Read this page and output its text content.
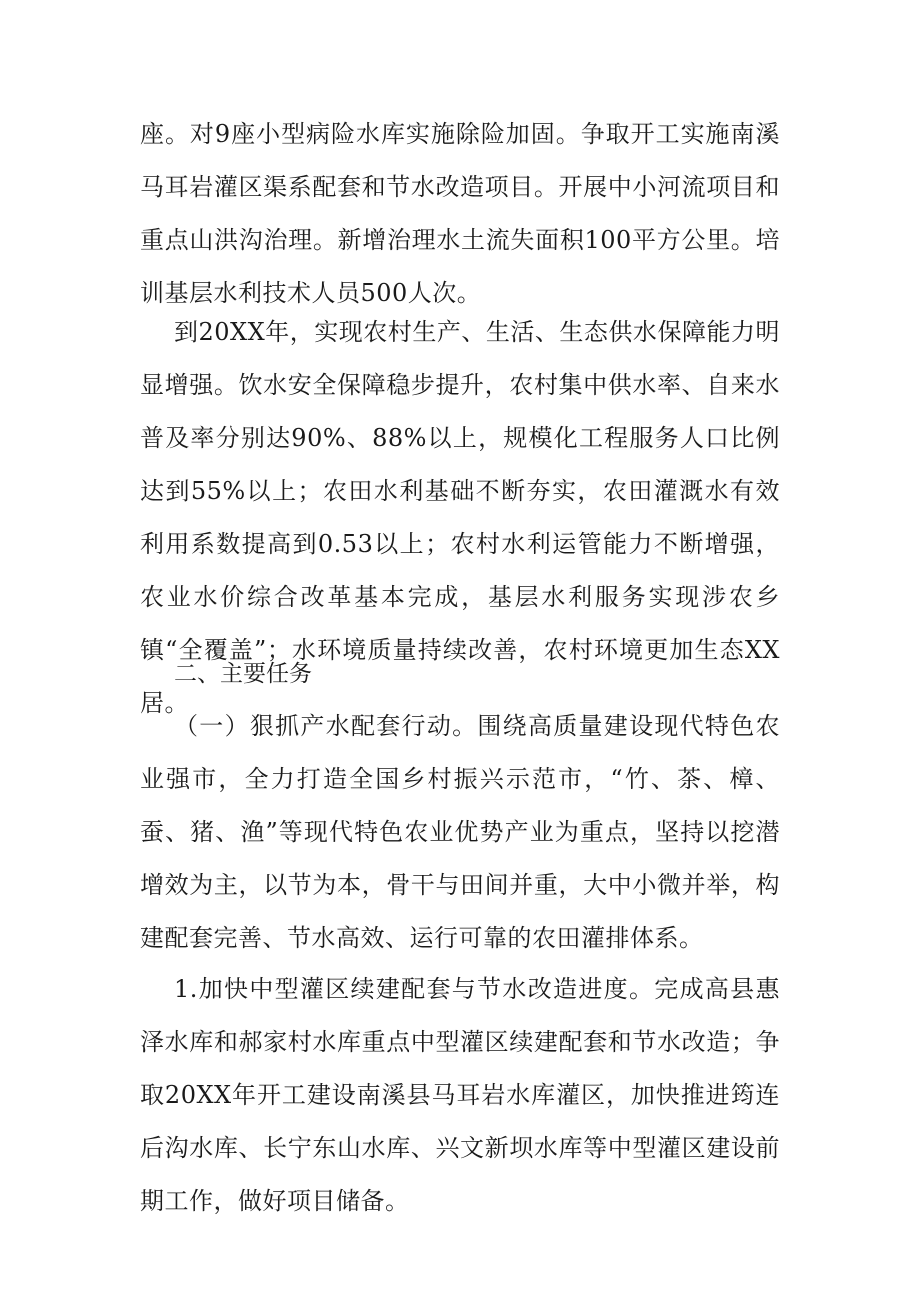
座。对9座小型病险水库实施除险加固。争取开工实施南溪马耳岩灌区渠系配套和节水改造项目。开展中小河流项目和重点山洪沟治理。新增治理水土流失面积100平方公里。培训基层水利技术人员500人次。

到20XX年，实现农村生产、生活、生态供水保障能力明显增强。饮水安全保障稳步提升，农村集中供水率、自来水普及率分别达90%、88%以上，规模化工程服务人口比例达到55%以上；农田水利基础不断夯实，农田灌溉水有效利用系数提高到0.53以上；农村水利运管能力不断增强，农业水价综合改革基本完成，基层水利服务实现涉农乡镇“全覆盖”；水环境质量持续改善，农村环境更加生态XX居。

二、主要任务

（一）狠抓产水配套行动。围绕高质量建设现代特色农业强市，全力打造全国乡村振兴示范市，“竹、茶、樟、蚕、猪、渔”等现代特色农业优势产业为重点，坚持以挖潜增效为主，以节为本，骨干与田间并重，大中小微并举，构建配套完善、节水高效、运行可靠的农田灌排体系。

1.加快中型灌区续建配套与节水改造进度。完成高县惠泽水库和郝家村水库重点中型灌区续建配套和节水改造；争取20XX年开工建设南溪县马耳岩水库灌区，加快推进筠连后沟水库、长宁东山水库、兴文新坝水库等中型灌区建设前期工作，做好项目储备。
